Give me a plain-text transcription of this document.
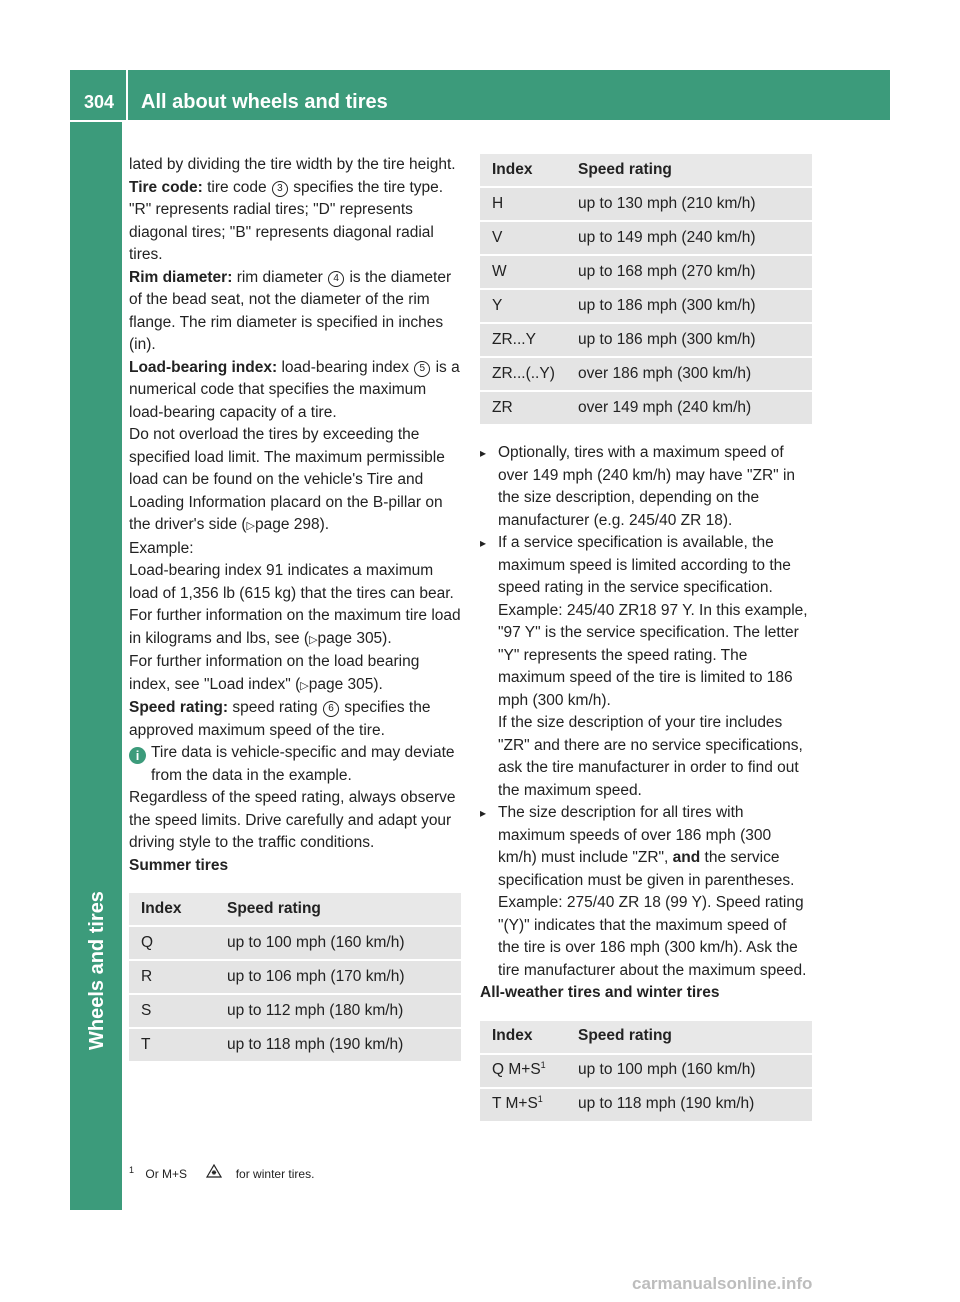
304	All about wheels and tires
Wheels and tires

lated by dividing the tire width by the tire height.

Tire code: tire code 3 specifies the tire type. "R" represents radial tires; "D" represents diagonal tires; "B" represents diagonal radial tires.

Rim diameter: rim diameter 4 is the diameter of the bead seat, not the diameter of the rim flange. The rim diameter is specified in inches (in).

Load-bearing index: load-bearing index 5 is a numerical code that specifies the maximum load-bearing capacity of a tire.

Do not overload the tires by exceeding the specified load limit. The maximum permissible load can be found on the vehicle's Tire and Loading Information placard on the B-pillar on the driver's side (▷page 298).

Example:

Load-bearing index 91 indicates a maximum load of 1,356 lb (615 kg) that the tires can bear. For further information on the maximum tire load in kilograms and lbs, see (▷page 305).

For further information on the load bearing index, see "Load index" (▷page 305).

Speed rating: speed rating 6 specifies the approved maximum speed of the tire.

i Tire data is vehicle-specific and may deviate from the data in the example.

Regardless of the speed rating, always observe the speed limits. Drive carefully and adapt your driving style to the traffic conditions.

Summer tires

Index	Speed rating
Q	up to 100 mph (160 km/h)
R	up to 106 mph (170 km/h)
S	up to 112 mph (180 km/h)
T	up to 118 mph (190 km/h)
Index	Speed rating
H	up to 130 mph (210 km/h)
V	up to 149 mph (240 km/h)
W	up to 168 mph (270 km/h)
Y	up to 186 mph (300 km/h)
ZR...Y	up to 186 mph (300 km/h)
ZR...(..Y)	over 186 mph (300 km/h)
ZR	over 149 mph (240 km/h)
▸ Optionally, tires with a maximum speed of over 149 mph (240 km/h) may have "ZR" in the size description, depending on the manufacturer (e.g. 245/40 ZR 18).
▸ If a service specification is available, the maximum speed is limited according to the speed rating in the service specification. Example: 245/40 ZR18 97 Y. In this example, "97 Y" is the service specification. The letter "Y" represents the speed rating. The maximum speed of the tire is limited to 186 mph (300 km/h).
If the size description of your tire includes "ZR" and there are no service specifications, ask the tire manufacturer in order to find out the maximum speed.
▸ The size description for all tires with maximum speeds of over 186 mph (300 km/h) must include "ZR", and the service specification must be given in parentheses. Example: 275/40 ZR 18 (99 Y). Speed rating "(Y)" indicates that the maximum speed of the tire is over 186 mph (300 km/h). Ask the tire manufacturer about the maximum speed.

All-weather tires and winter tires

Index	Speed rating
Q $M+S^1$	up to 100 mph (160 km/h)
T $M+S^1$	up to 118 mph (190 km/h)
$^1$ Or M+S	for winter tires.
carmanualsonline.info
